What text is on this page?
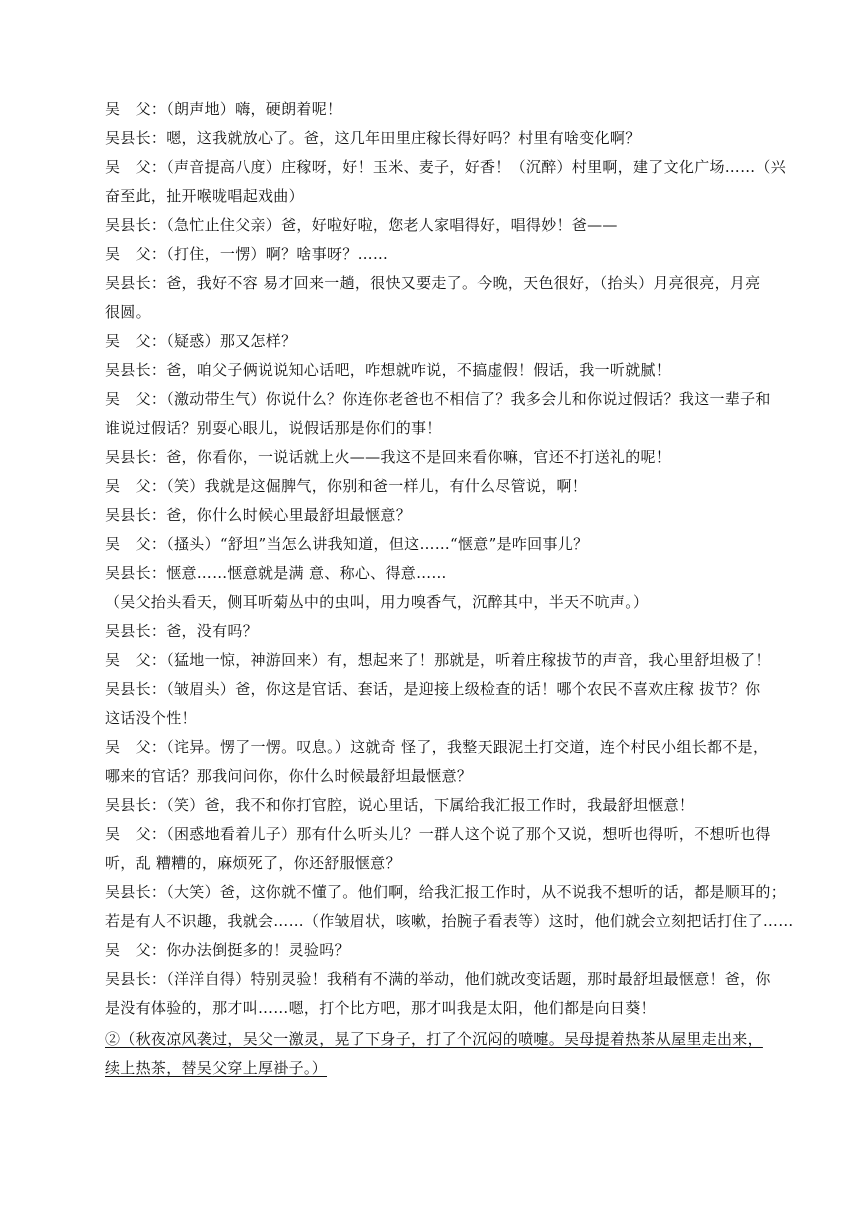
吴　父：（朗声地）嗨，硬朗着呢！
吴县长：嗯，这我就放心了。爸，这几年田里庄稼长得好吗？村里有啥变化啊？
吴　父：（声音提高八度）庄稼呀，好！玉米、麦子，好香！（沉醉）村里啊，建了文化广场……（兴
奋至此，扯开喉咙唱起戏曲）
吴县长：（急忙止住父亲）爸，好啦好啦，您老人家唱得好，唱得妙！爸——
吴　父：（打住，一愣）啊？啥事呀？……
吴县长：爸，我好不容 易才回来一趟，很快又要走了。今晚，天色很好，（抬头）月亮很亮，月亮
很圆。
吴　父：（疑惑）那又怎样？
吴县长：爸，咱父子俩说说知心话吧，咋想就咋说，不搞虚假！假话，我一听就腻！
吴　父：（激动带生气）你说什么？你连你老爸也不相信了？我多会儿和你说过假话？我这一辈子和
谁说过假话？别耍心眼儿，说假话那是你们的事！
吴县长：爸，你看你，一说话就上火——我这不是回来看你嘛，官还不打送礼的呢！
吴　父：（笑）我就是这倔脾气，你别和爸一样儿，有什么尽管说，啊！
吴县长：爸，你什么时候心里最舒坦最惬意？
吴　父：（搔头）“舒坦”当怎么讲我知道，但这……“惬意”是咋回事儿？
吴县长：惬意……惬意就是满 意、称心、得意……
（吴父抬头看天，侧耳听菊丛中的虫叫，用力嗅香气，沉醉其中，半天不吭声。）
吴县长：爸，没有吗？
吴　父：（猛地一惊，神游回来）有，想起来了！那就是，听着庄稼拔节的声音，我心里舒坦极了！
吴县长：（皱眉头）爸，你这是官话、套话，是迎接上级检查的话！哪个农民不喜欢庄稼 拔节？你
这话没个性！
吴　父：（诧异。愣了一愣。叹息。）这就奇 怪了，我整天跟泥土打交道，连个村民小组长都不是，
哪来的官话？那我问问你，你什么时候最舒坦最惬意？
吴县长：（笑）爸，我不和你打官腔，说心里话，下属给我汇报工作时，我最舒坦惬意！
吴　父：（困惑地看着儿子）那有什么听头儿？一群人这个说了那个又说，想听也得听，不想听也得
听，乱 糟糟的，麻烦死了，你还舒服惬意？
吴县长：（大笑）爸，这你就不懂了。他们啊，给我汇报工作时，从不说我不想听的话，都是顺耳的；
若是有人不识趣，我就会……（作皱眉状，咳嗽，抬腕子看表等）这时，他们就会立刻把话打住了……
吴　父：你办法倒挺多的！灵验吗？
吴县长：（洋洋自得）特别灵验！我稍有不满的举动，他们就改变话题，那时最舒坦最惬意！爸，你
是没有体验的，那才叫……嗯，打个比方吧，那才叫我是太阳，他们都是向日葵！
②（秋夜凉风袭过，吴父一激灵，晃了下身子，打了个沉闷的喷嚏。吴母提着热茶从屋里走出来，
续上热茶，替吴父穿上厚褂子。）
